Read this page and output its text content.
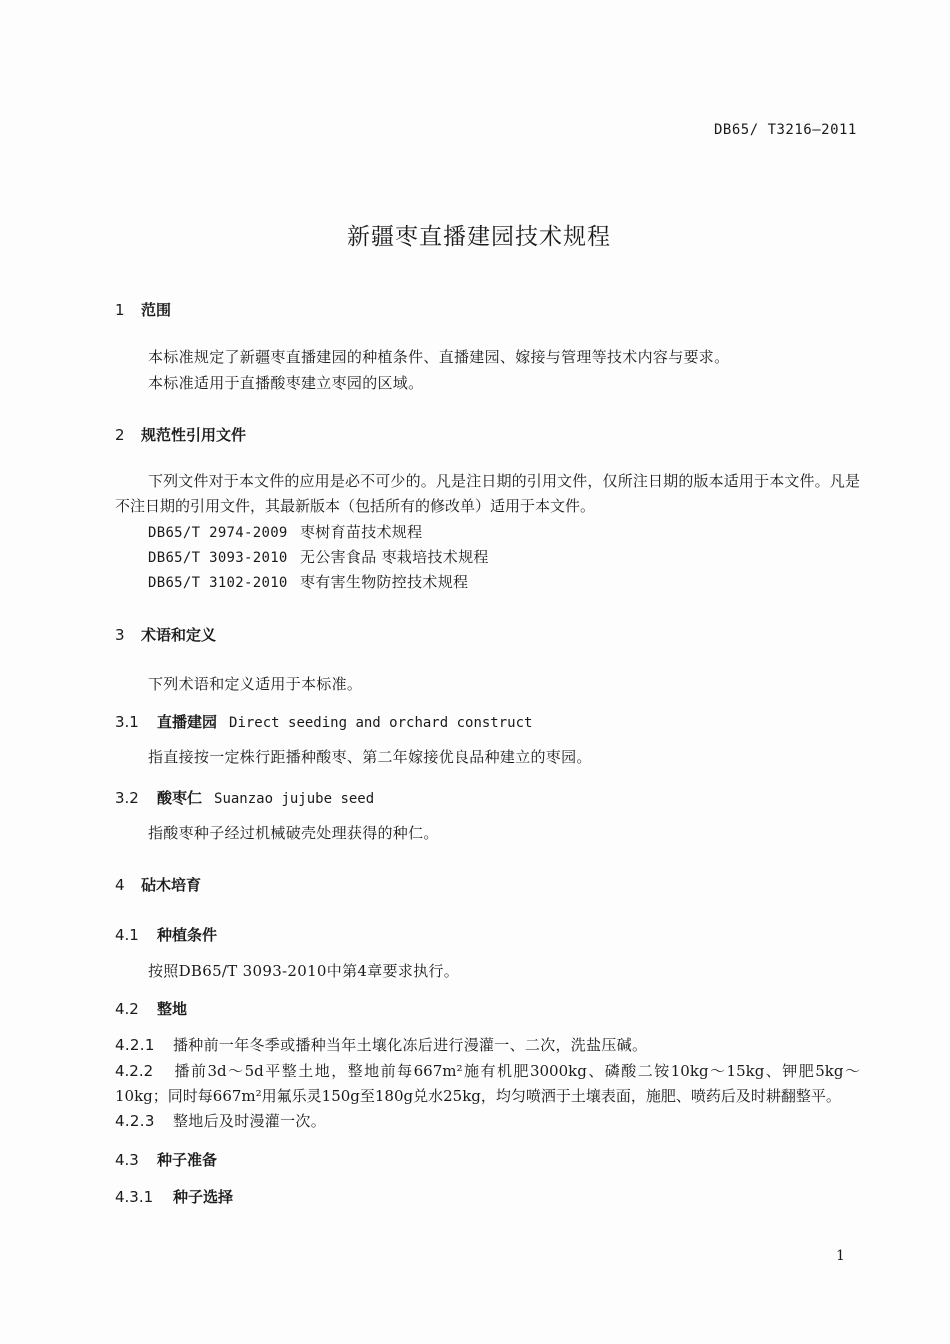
DB65/ T3216—2011
新疆枣直播建园技术规程
1 范围
本标准规定了新疆枣直播建园的种植条件、直播建园、嫁接与管理等技术内容与要求。
本标准适用于直播酸枣建立枣园的区域。
2 规范性引用文件
下列文件对于本文件的应用是必不可少的。凡是注日期的引用文件，仅所注日期的版本适用于本文件。凡是不注日期的引用文件，其最新版本（包括所有的修改单）适用于本文件。
DB65/T 2974-2009 枣树育苗技术规程
DB65/T 3093-2010 无公害食品 枣栽培技术规程
DB65/T 3102-2010 枣有害生物防控技术规程
3 术语和定义
下列术语和定义适用于本标准。
3.1 直播建园 Direct seeding and orchard construct
指直接按一定株行距播种酸枣、第二年嫁接优良品种建立的枣园。
3.2 酸枣仁 Suanzao jujube seed
指酸枣种子经过机械破壳处理获得的种仁。
4 砧木培育
4.1 种植条件
按照DB65/T 3093-2010中第4章要求执行。
4.2 整地
4.2.1 播种前一年冬季或播种当年土壤化冻后进行漫灌一、二次，洗盐压碱。
4.2.2 播前3d～5d平整土地，整地前每667m²施有机肥3000kg、磷酸二铵10kg～15kg、钾肥5kg～10kg；同时每667m²用氟乐灵150g至180g兑水25kg，均匀喷洒于土壤表面，施肥、喷药后及时耕翻整平。
4.2.3 整地后及时漫灌一次。
4.3 种子准备
4.3.1 种子选择
1
